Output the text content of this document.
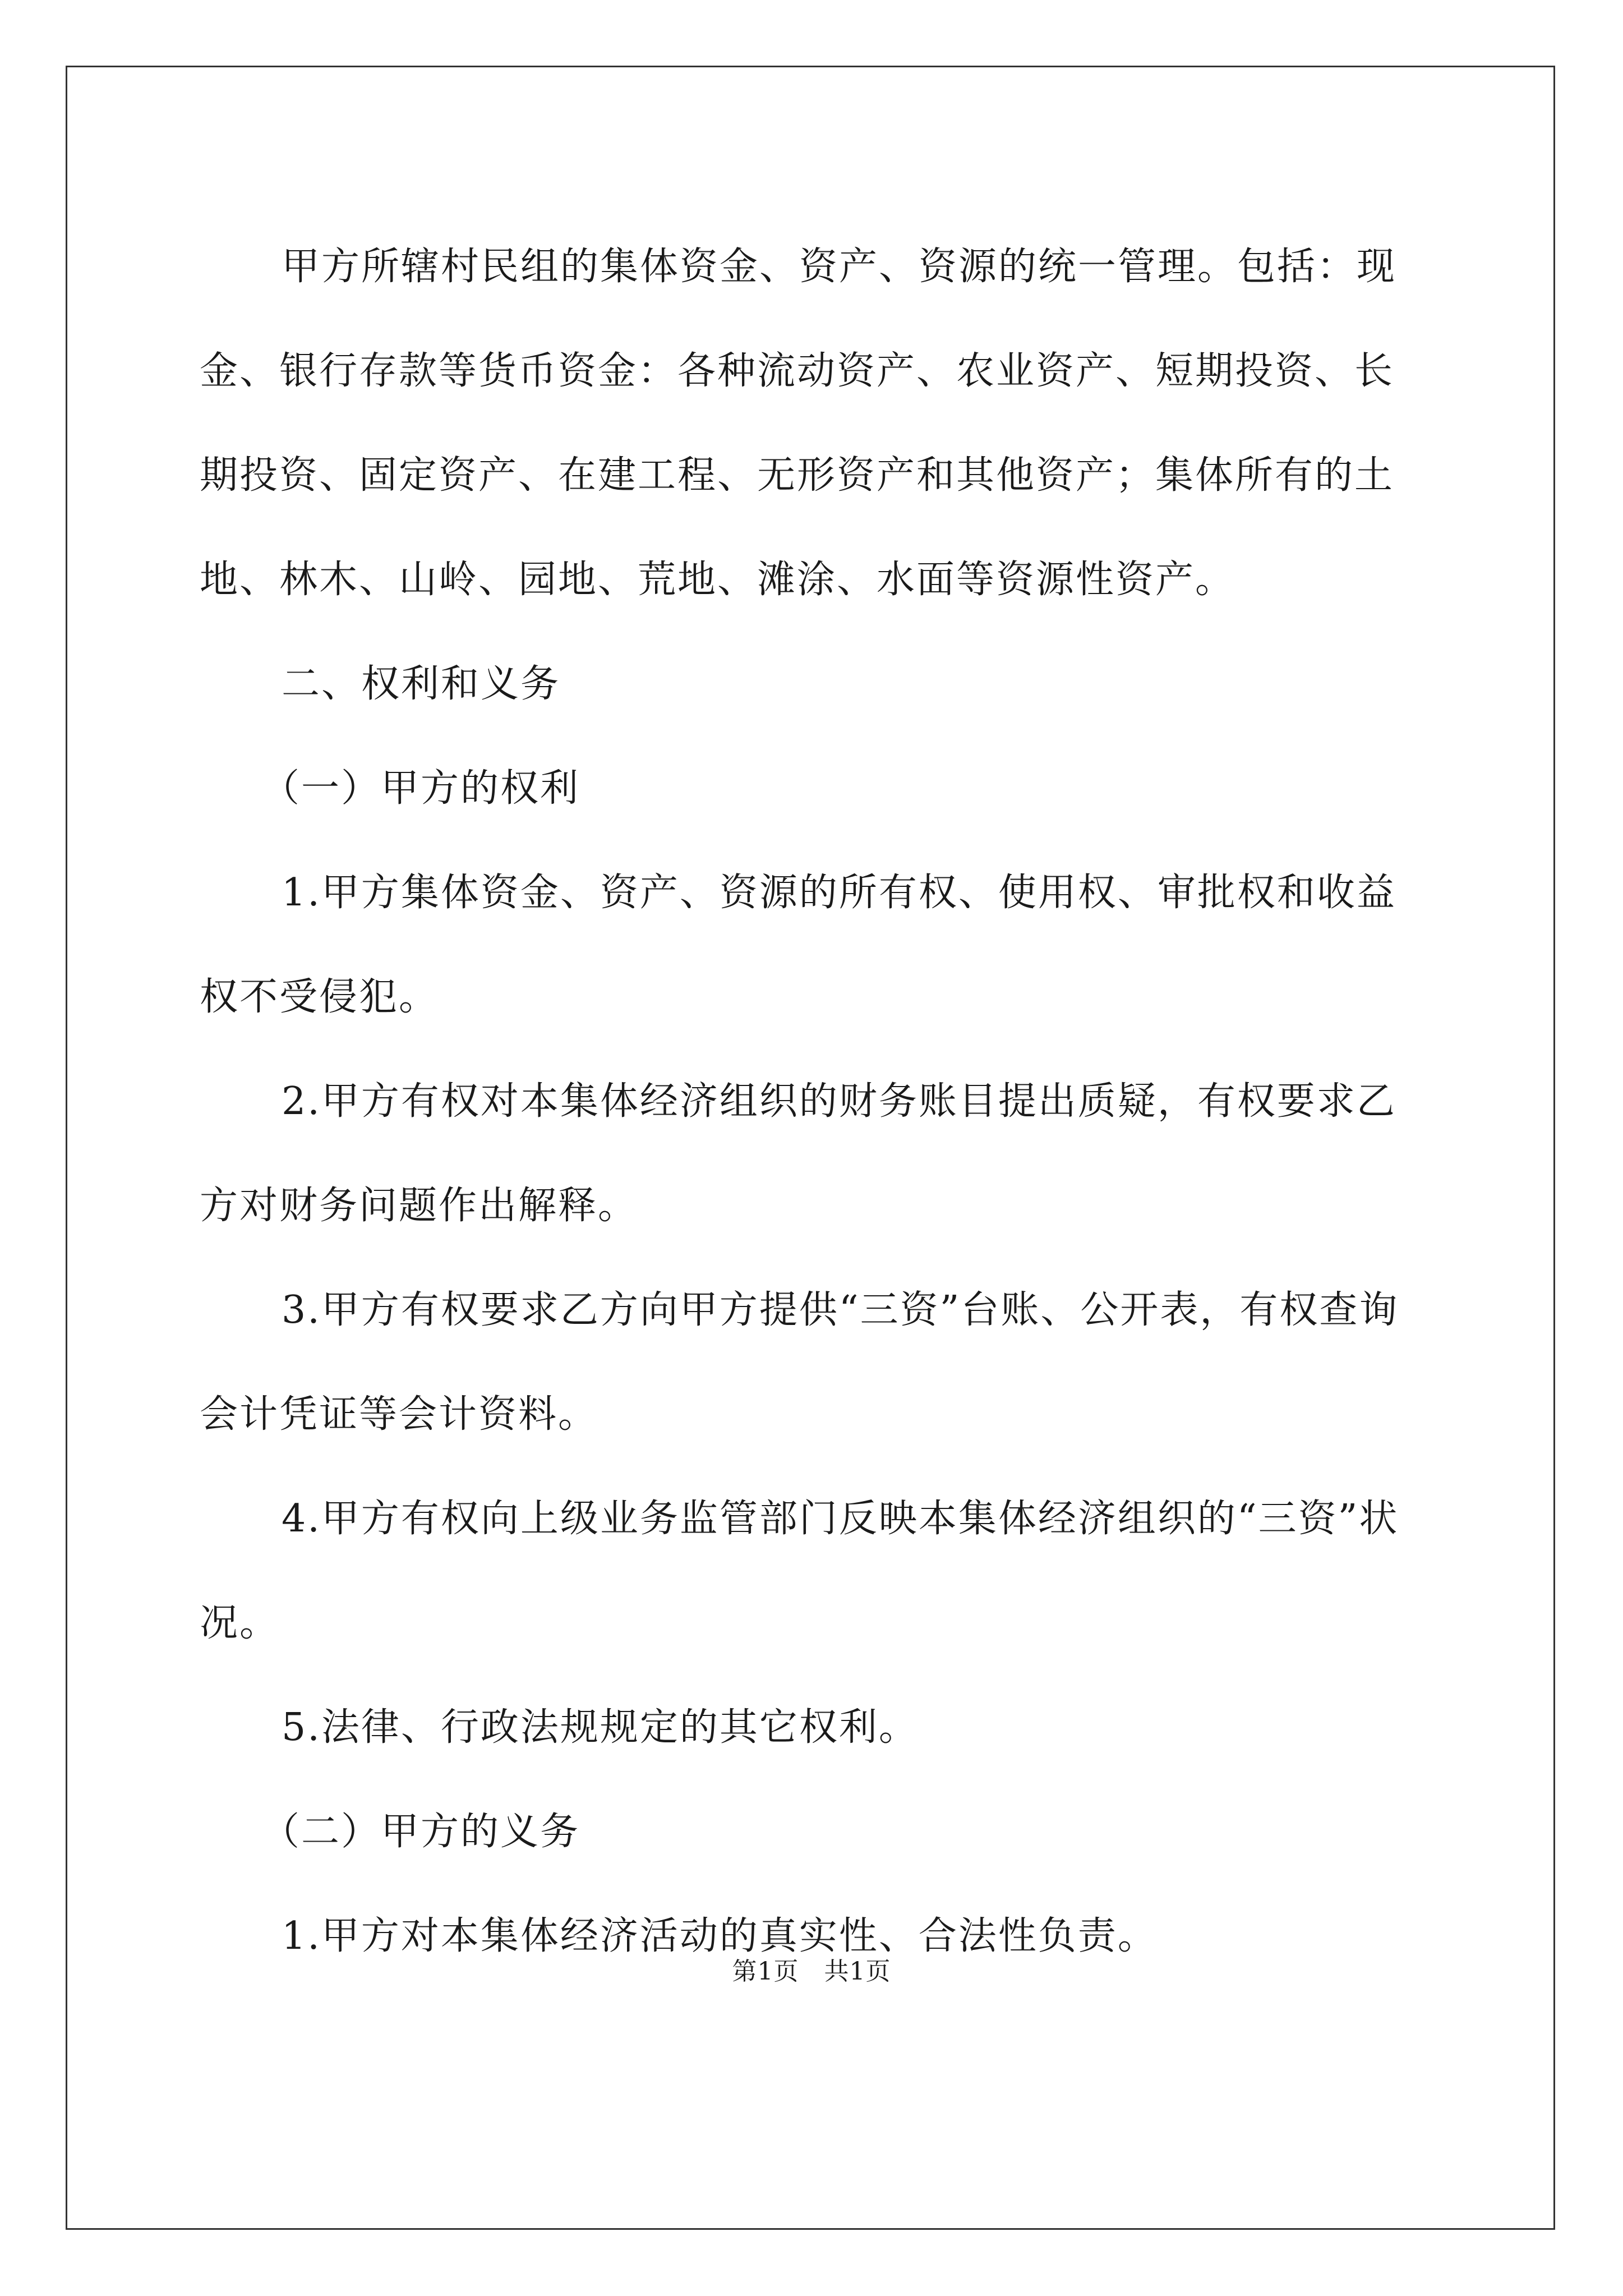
甲方所辖村民组的集体资金、资产、资源的统一管理。包括：现金、银行存款等货币资金：各种流动资产、农业资产、短期投资、长期投资、固定资产、在建工程、无形资产和其他资产；集体所有的土地、林木、山岭、园地、荒地、滩涂、水面等资源性资产。

二、权利和义务

（一）甲方的权利

1.甲方集体资金、资产、资源的所有权、使用权、审批权和收益权不受侵犯。

2.甲方有权对本集体经济组织的财务账目提出质疑，有权要求乙方对财务问题作出解释。

3.甲方有权要求乙方向甲方提供“三资”台账、公开表，有权查询会计凭证等会计资料。

4.甲方有权向上级业务监管部门反映本集体经济组织的“三资”状况。

5.法律、行政法规规定的其它权利。

（二）甲方的义务

1.甲方对本集体经济活动的真实性、合法性负责。

第1页　共1页
